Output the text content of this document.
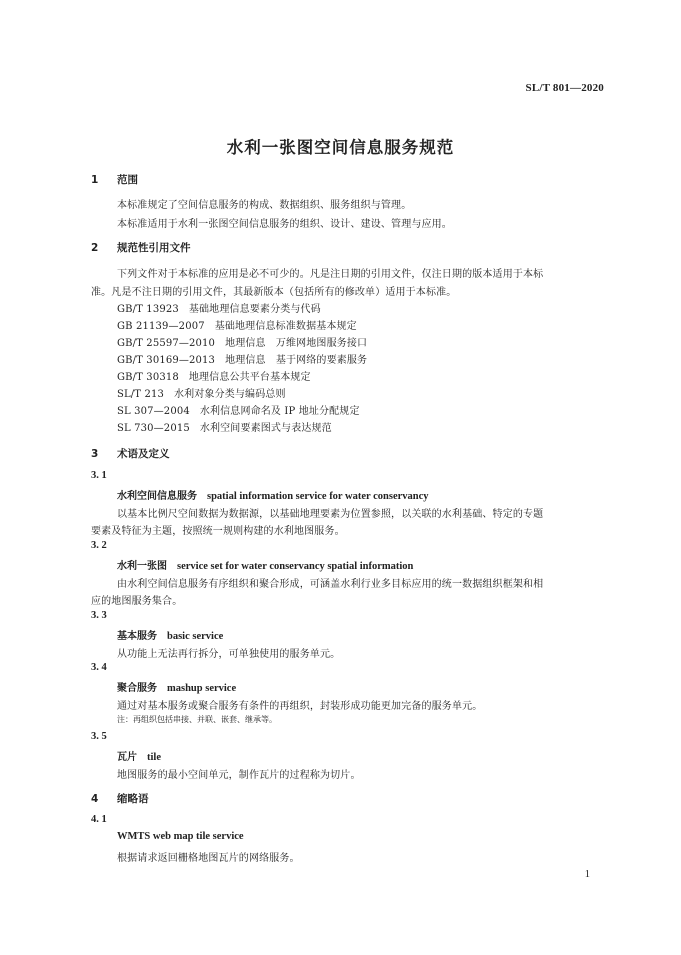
SL/T 801—2020
水利一张图空间信息服务规范
1 范围
本标准规定了空间信息服务的构成、数据组织、服务组织与管理。
本标准适用于水利一张图空间信息服务的组织、设计、建设、管理与应用。
2 规范性引用文件
下列文件对于本标准的应用是必不可少的。凡是注日期的引用文件，仅注日期的版本适用于本标
准。凡是不注日期的引用文件，其最新版本（包括所有的修改单）适用于本标准。
GB/T 13923 基础地理信息要素分类与代码
GB 21139—2007 基础地理信息标准数据基本规定
GB/T 25597—2010 地理信息　万维网地图服务接口
GB/T 30169—2013 地理信息　基于网络的要素服务
GB/T 30318 地理信息公共平台基本规定
SL/T 213 水利对象分类与编码总则
SL 307—2004 水利信息网命名及 IP 地址分配规定
SL 730—2015 水利空间要素图式与表达规范
3 术语及定义
3. 1
水利空间信息服务 spatial information service for water conservancy
以基本比例尺空间数据为数据源，以基础地理要素为位置参照，以关联的水利基础、特定的专题
要素及特征为主题，按照统一规则构建的水利地图服务。
3. 2
水利一张图 service set for water conservancy spatial information
由水利空间信息服务有序组织和聚合形成，可涵盖水利行业多目标应用的统一数据组织框架和相
应的地图服务集合。
3. 3
基本服务 basic service
从功能上无法再行拆分，可单独使用的服务单元。
3. 4
聚合服务 mashup service
通过对基本服务或聚合服务有条件的再组织，封装形成功能更加完备的服务单元。
注：再组织包括串接、并联、嵌套、继承等。
3. 5
瓦片 tile
地图服务的最小空间单元，制作瓦片的过程称为切片。
4 缩略语
4. 1
WMTS web map tile service
根据请求返回栅格地图瓦片的网络服务。
1
